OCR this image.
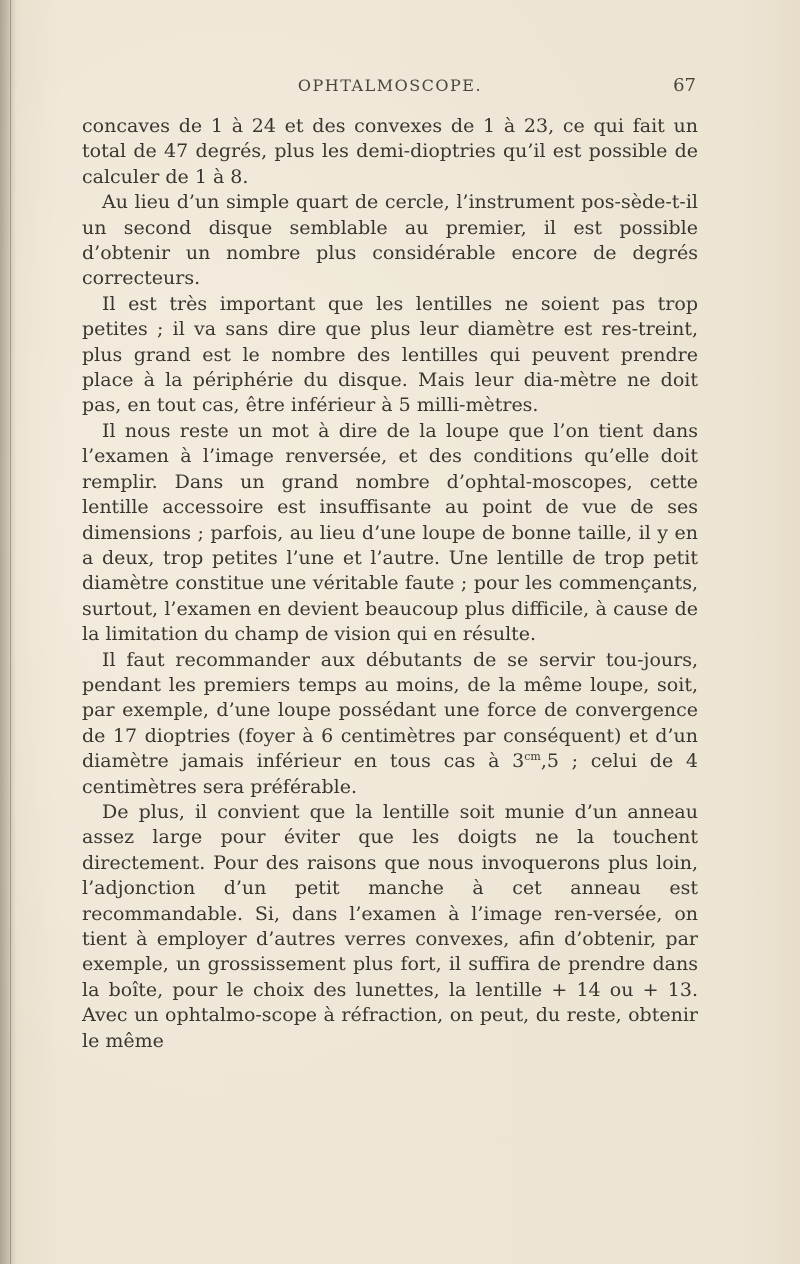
OPHTALMOSCOPE.	67

concaves de 1 à 24 et des convexes de 1 à 23, ce qui fait un total de 47 degrés, plus les demi-dioptries qu’il est possible de calculer de 1 à 8.

Au lieu d’un simple quart de cercle, l’instrument pos-sède-t-il un second disque semblable au premier, il est possible d’obtenir un nombre plus considérable encore de degrés correcteurs.

Il est très important que les lentilles ne soient pas trop petites ; il va sans dire que plus leur diamètre est res-treint, plus grand est le nombre des lentilles qui peuvent prendre place à la périphérie du disque. Mais leur dia-mètre ne doit pas, en tout cas, être inférieur à 5 milli-mètres.

Il nous reste un mot à dire de la loupe que l’on tient dans l’examen à l’image renversée, et des conditions qu’elle doit remplir. Dans un grand nombre d’ophtal-moscopes, cette lentille accessoire est insuffisante au point de vue de ses dimensions ; parfois, au lieu d’une loupe de bonne taille, il y en a deux, trop petites l’une et l’autre. Une lentille de trop petit diamètre constitue une véritable faute ; pour les commençants, surtout, l’examen en devient beaucoup plus difficile, à cause de la limitation du champ de vision qui en résulte.

Il faut recommander aux débutants de se servir tou-jours, pendant les premiers temps au moins, de la même loupe, soit, par exemple, d’une loupe possédant une force de convergence de 17 dioptries (foyer à 6 centimètres par conséquent) et d’un diamètre jamais inférieur en tous cas à $3^{cm},5$ ; celui de 4 centimètres sera préférable.

De plus, il convient que la lentille soit munie d’un anneau assez large pour éviter que les doigts ne la touchent directement. Pour des raisons que nous invoquerons plus loin, l’adjonction d’un petit manche à cet anneau est recommandable. Si, dans l’examen à l’image ren-versée, on tient à employer d’autres verres convexes, afin d’obtenir, par exemple, un grossissement plus fort, il suffira de prendre dans la boîte, pour le choix des lunettes, la lentille + 14 ou + 13. Avec un ophtalmo-scope à réfraction, on peut, du reste, obtenir le même
